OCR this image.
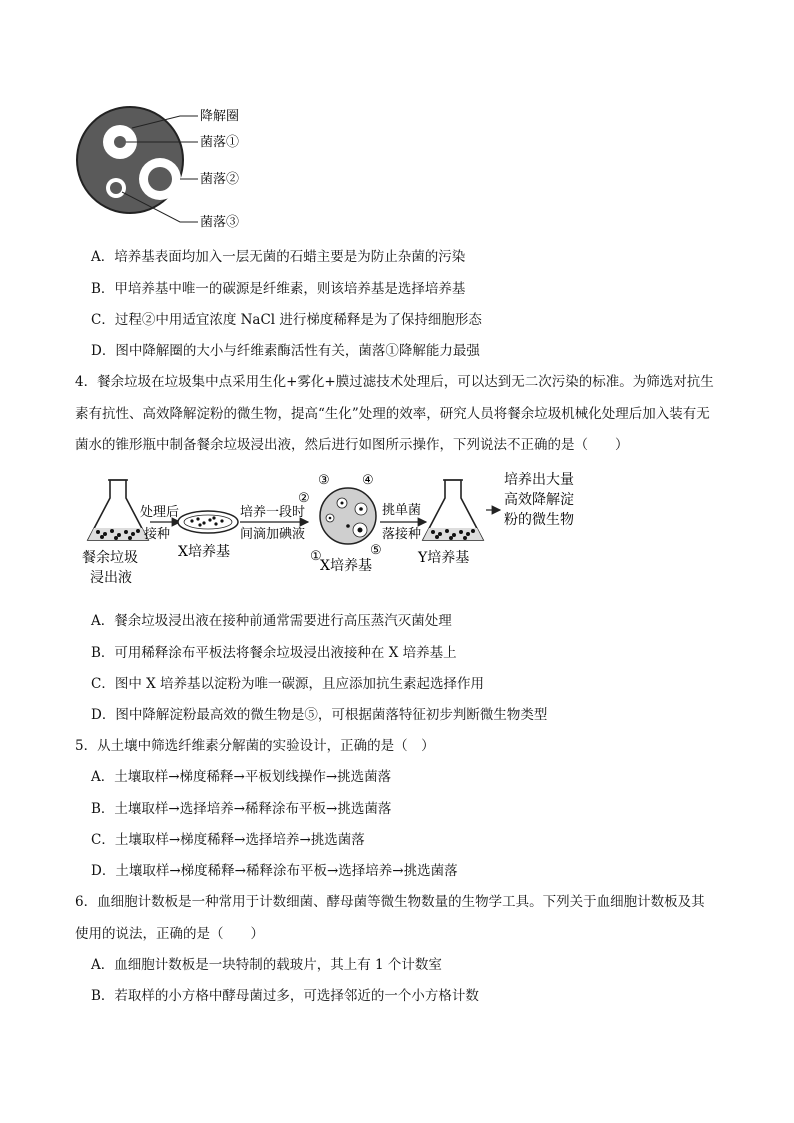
降解圈
菌落①
菌落②
菌落③
A．培养基表面均加入一层无菌的石蜡主要是为防止杂菌的污染
B．甲培养基中唯一的碳源是纤维素，则该培养基是选择培养基
C．过程②中用适宜浓度 NaCl 进行梯度稀释是为了保持细胞形态
D．图中降解圈的大小与纤维素酶活性有关，菌落①降解能力最强
4．餐余垃圾在垃圾集中点采用生化+雾化+膜过滤技术处理后，可以达到无二次污染的标准。为筛选对抗生
素有抗性、高效降解淀粉的微生物，提高“生化”处理的效率，研究人员将餐余垃圾机械化处理后加入装有无
菌水的锥形瓶中制备餐余垃圾浸出液，然后进行如图所示操作，下列说法不正确的是（　　）
餐余垃圾
浸出液
处理后
接种
X培养基
培养一段时
间滴加碘液
①
②
③ ④
⑤
X培养基
挑单菌
落接种
Y培养基
培养出大量
高效降解淀
粉的微生物
A．餐余垃圾浸出液在接种前通常需要进行高压蒸汽灭菌处理
B．可用稀释涂布平板法将餐余垃圾浸出液接种在 X 培养基上
C．图中 X 培养基以淀粉为唯一碳源，且应添加抗生素起选择作用
D．图中降解淀粉最高效的微生物是⑤，可根据菌落特征初步判断微生物类型
5．从土壤中筛选纤维素分解菌的实验设计，正确的是（　）
A．土壤取样→梯度稀释→平板划线操作→挑选菌落
B．土壤取样→选择培养→稀释涂布平板→挑选菌落
C．土壤取样→梯度稀释→选择培养→挑选菌落
D．土壤取样→梯度稀释→稀释涂布平板→选择培养→挑选菌落
6．血细胞计数板是一种常用于计数细菌、酵母菌等微生物数量的生物学工具。下列关于血细胞计数板及其
使用的说法，正确的是（　　）
A．血细胞计数板是一块特制的载玻片，其上有 1 个计数室
B．若取样的小方格中酵母菌过多，可选择邻近的一个小方格计数
